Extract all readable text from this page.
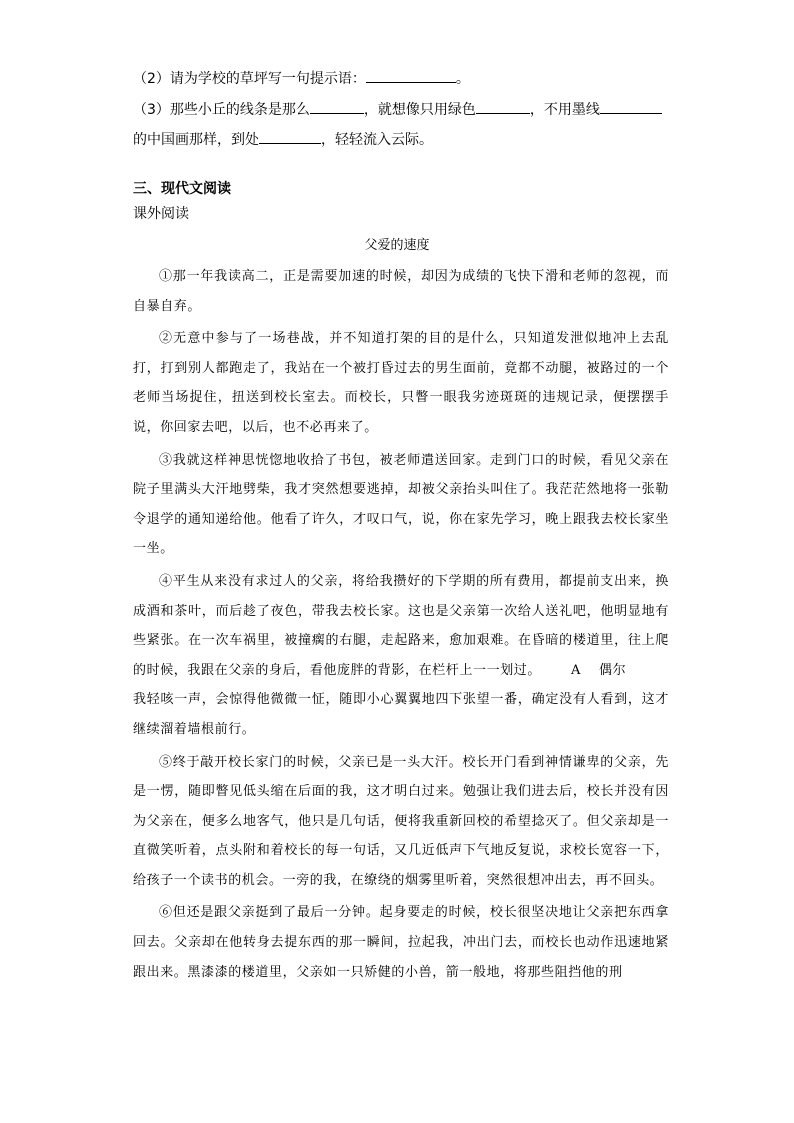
（2）请为学校的草坪写一句提示语：	。
（3）那些小丘的线条是那么	，就想像只用绿色	，不用墨线
的中国画那样，到处	，轻轻流入云际。
三、现代文阅读
课外阅读
父爱的速度

①那一年我读高二，正是需要加速的时候，却因为成绩的飞快下滑和老师的忽视，而自暴自弃。

②无意中参与了一场巷战，并不知道打架的目的是什么，只知道发泄似地冲上去乱打，打到别人都跑走了，我站在一个被打昏过去的男生面前，竟都不动腿，被路过的一个老师当场捉住，扭送到校长室去。而校长，只瞥一眼我劣迹斑斑的违规记录，便摆摆手说，你回家去吧，以后，也不必再来了。

③我就这样神思恍惚地收拾了书包，被老师遣送回家。走到门口的时候，看见父亲在院子里满头大汗地劈柴，我才突然想要逃掉，却被父亲抬头叫住了。我茫茫然地将一张勒令退学的通知递给他。他看了许久，才叹口气，说，你在家先学习，晚上跟我去校长家坐一坐。

④平生从来没有求过人的父亲，将给我攒好的下学期的所有费用，都提前支出来，换成酒和茶叶，而后趁了夜色，带我去校长家。这也是父亲第一次给人送礼吧，他明显地有些紧张。在一次车祸里，被撞瘸的右腿，走起路来，愈加艰难。在昏暗的楼道里，往上爬的时候，我跟在父亲的身后，看他庞胖的背影，在栏杆上一一划过。 A 偶尔

我轻咳一声，会惊得他微微一怔，随即小心翼翼地四下张望一番，确定没有人看到，这才继续溜着墙根前行。

⑤终于敲开校长家门的时候，父亲已是一头大汗。校长开门看到神情谦卑的父亲，先是一愣，随即瞥见低头缩在后面的我，这才明白过来。勉强让我们进去后，校长并没有因为父亲在，便多么地客气，他只是几句话，便将我重新回校的希望捻灭了。但父亲却是一直微笑听着，点头附和着校长的每一句话，又几近低声下气地反复说，求校长宽容一下，给孩子一个读书的机会。一旁的我，在缭绕的烟雾里听着，突然很想冲出去，再不回头。

⑥但还是跟父亲挺到了最后一分钟。起身要走的时候，校长很坚决地让父亲把东西拿回去。父亲却在他转身去提东西的那一瞬间，拉起我，冲出门去，而校长也动作迅速地紧跟出来。黑漆漆的楼道里，父亲如一只矫健的小兽，箭一般地，将那些阻挡他的刑
